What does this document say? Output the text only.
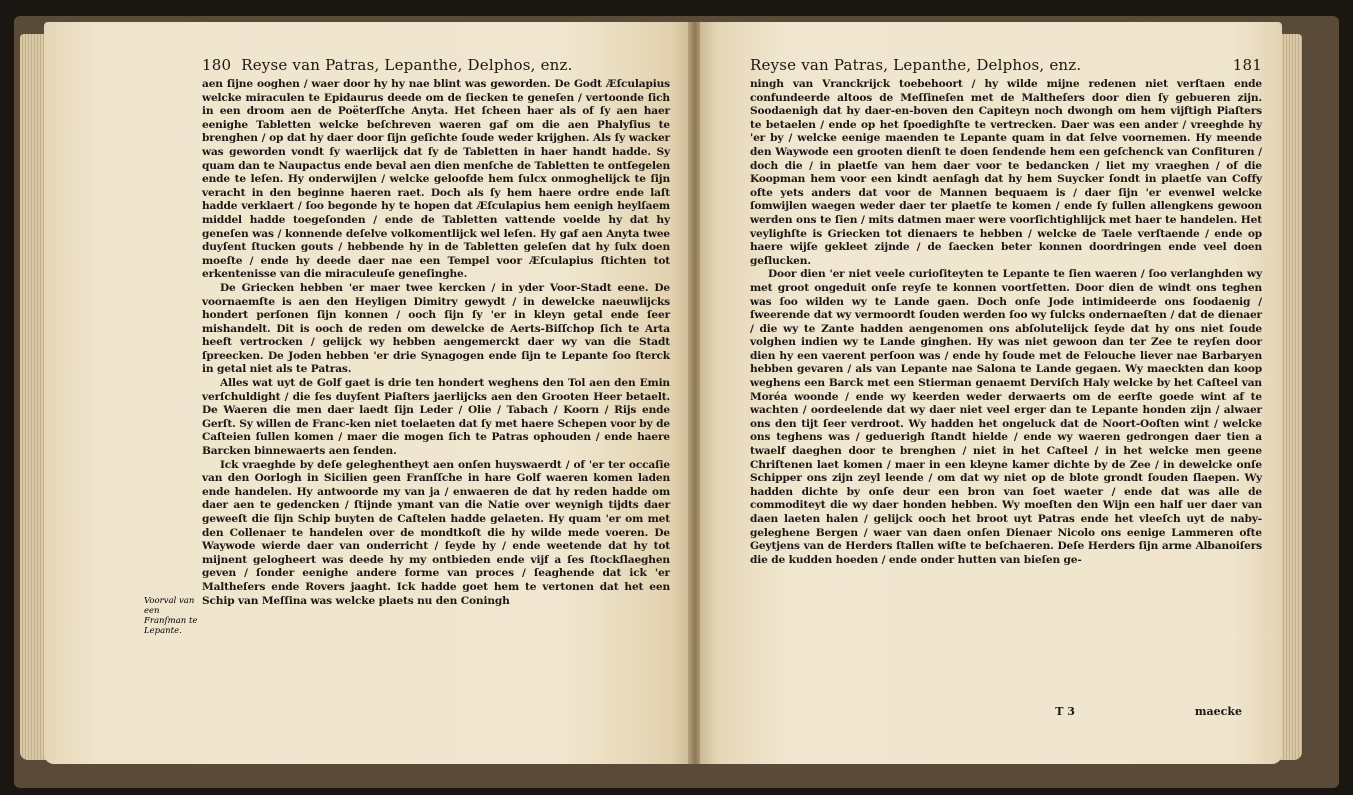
180 Reyse van Patras, Lepanthe, Delphos, enz.

aen ſijne ooghen / waer door hy hy nae blint was geworden. De Godt Æſculapius welcke miraculen te Epidaurus deede om de ſiecken te geneſen / vertoonde ſich in een droom aen de Poëterſſche Anyta. Het ſcheen haer als of ſy aen haer eenighe Tabletten welcke beſchreven waeren gaf om die aen Phalyſius te brenghen / op dat hy daer door ſijn geſichte ſoude weder krijghen. Als ſy wacker was geworden vondt ſy waerlijck dat ſy de Tabletten in haer handt hadde. Sy quam dan te Naupactus ende beval aen dien menſche de Tabletten te ontſegelen ende te leſen. Hy onderwijlen / welcke geloofde hem ſulcx onmoghelijck te ſijn veracht in den beginne haeren raet. Doch als ſy hem haere ordre ende laſt hadde verklaert / ſoo begonde hy te hopen dat Æſculapius hem eenigh heylſaem middel hadde toegeſonden / ende de Tabletten vattende voelde hy dat hy geneſen was / konnende deſelve volkomentlijck wel leſen. Hy gaf aen Anyta twee duyſent ſtucken gouts / hebbende hy in de Tabletten geleſen dat hy ſulx doen moeſte / ende hy deede daer nae een Tempel voor Æſculapius ſtichten tot erkentenisse van die miraculeuſe geneſinghe.

De Griecken hebben 'er maer twee kercken / in yder Voor-Stadt eene. De voornaemſte is aen den Heyligen Dimitry gewydt / in dewelcke naeuwlijcks hondert perſonen ſijn konnen / ooch ſijn ſy 'er in kleyn getal ende ſeer mishandelt. Dit is ooch de reden om dewelcke de Aerts-Biſſchop ſich te Arta heeft vertrocken / gelijck wy hebben aengemerckt daer wy van die Stadt ſpreecken. De Joden hebben 'er drie Synagogen ende ſijn te Lepante ſoo ſterck in getal niet als te Patras.

Alles wat uyt de Golf gaet is drie ten hondert weghens den Tol aen den Emin verſchuldight / die ſes duyſent Piaſters jaerlijcks aen den Grooten Heer betaelt. De Waeren die men daer laedt ſijn Leder / Olie / Tabach / Koorn / Rijs ende Gerſt. Sy willen de Franc-ken niet toelaeten dat ſy met haere Schepen voor by de Caſteien ſullen komen / maer die mogen ſich te Patras ophouden / ende haere Barcken binnewaerts aen ſenden.

Ick vraeghde by deſe geleghentheyt aen onſen huyswaerdt / of 'er ter occaſie van den Oorlogh in Sicilien geen Franſſche in hare Golf waeren komen laden ende handelen. Hy antwoorde my van ja / enwaeren de dat hy reden hadde om daer aen te gedencken / ſtijnde ymant van die Natie over weynigh tijdts daer geweeſt die ſijn Schip buyten de Caſtelen hadde gelaeten. Hy quam 'er om met den Collenaer te handelen over de mondtkoſt die hy wilde mede voeren. De Waywode wierde daer van onderricht / ſeyde hy / ende weetende dat hy tot mijnent gelogheert was deede hy my ontbieden ende vijf a ſes ſtockſlaeghen geven / ſonder eenighe andere forme van proces / ſeaghende dat ick 'er Maltheſers ende Rovers jaaght. Ick hadde goet hem te vertonen dat het een Schip van Meſſina was welcke plaets nu den Coningh

Voorval van een Franſman te Lepante.
Reyse van Patras, Lepanthe, Delphos, enz.	181

ningh van Vranckrijck toebehoort / hy wilde mijne redenen niet verſtaen ende confundeerde altoos de Meſſineſen met de Maltheſers door dien ſy gebueren zijn. Soodaenigh dat hy daer-en-boven den Capiteyn noch dwongh om hem vijftigh Piaſters te betaelen / ende op het ſpoedighſte te vertrecken. Daer was een ander / vreeghde hy 'er by / welcke eenige maenden te Lepante quam in dat ſelve voornemen. Hy meende den Waywode een grooten dienſt te doen ſendende hem een geſchenck van Confituren / doch die / in plaetſe van hem daer voor te bedancken / liet my vraeghen / of die Koopman hem voor een kindt aenſagh dat hy hem Suycker ſondt in plaetſe van Coffy ofte yets anders dat voor de Mannen bequaem is / daer ſijn 'er evenwel welcke ſomwijlen waegen weder daer ter plaetſe te komen / ende ſy ſullen allengkens gewoon werden ons te ſien / mits datmen maer were voorſichtighlijck met haer te handelen. Het veylighſte is Griecken tot dienaers te hebben / welcke de Taele verſtaende / ende op haere wijſe gekleet zijnde / de ſaecken beter konnen doordringen ende veel doen geſlucken.

Door dien 'er niet veele curioſiteyten te Lepante te ſien waeren / ſoo verlanghden wy met groot ongeduit onſe reyſe te konnen voortſetten. Door dien de windt ons teghen was ſoo wilden wy te Lande gaen. Doch onſe Jode intimideerde ons ſoodaenig / ſweerende dat wy vermoordt ſouden werden ſoo wy ſulcks ondernaeſten / dat de dienaer / die wy te Zante hadden aengenomen ons abſolutelijck ſeyde dat hy ons niet ſoude volghen indien wy te Lande ginghen. Hy was niet gewoon dan ter Zee te reyſen door dien hy een vaerent perſoon was / ende hy ſoude met de Felouche liever nae Barbaryen hebben gevaren / als van Lepante nae Salona te Lande gegaen. Wy maeckten dan koop weghens een Barck met een Stierman genaemt Derviſch Haly welcke by het Caſteel van Moréa woonde / ende wy keerden weder derwaerts om de eerſte goede wint af te wachten / oordeelende dat wy daer niet veel erger dan te Lepante honden zijn / alwaer ons den tijt ſeer verdroot. Wy hadden het ongeluck dat de Noort-Ooſten wint / welcke ons teghens was / geduerigh ſtandt hielde / ende wy waeren gedrongen daer tien a twaelf daeghen door te brenghen / niet in het Caſteel / in het welcke men geene Chriſtenen laet komen / maer in een kleyne kamer dichte by de Zee / in dewelcke onſe Schipper ons zijn zeyl leende / om dat wy niet op de blote grondt ſouden ſlaepen. Wy hadden dichte by onſe deur een bron van ſoet waeter / ende dat was alle de commoditeyt die wy daer honden hebben. Wy moeſten den Wijn een half uer daer van daen laeten halen / gelijck ooch het broot uyt Patras ende het vleeſch uyt de naby-geleghene Bergen / waer van daen onſen Dienaer Nicolo ons eenige Lammeren ofte Geytjens van de Herders ſtallen wiſte te beſchaeren. Deſe Herders ſijn arme Albanoiſers die de kudden hoeden / ende onder hutten van bieſen ge-

T 3	maecke
